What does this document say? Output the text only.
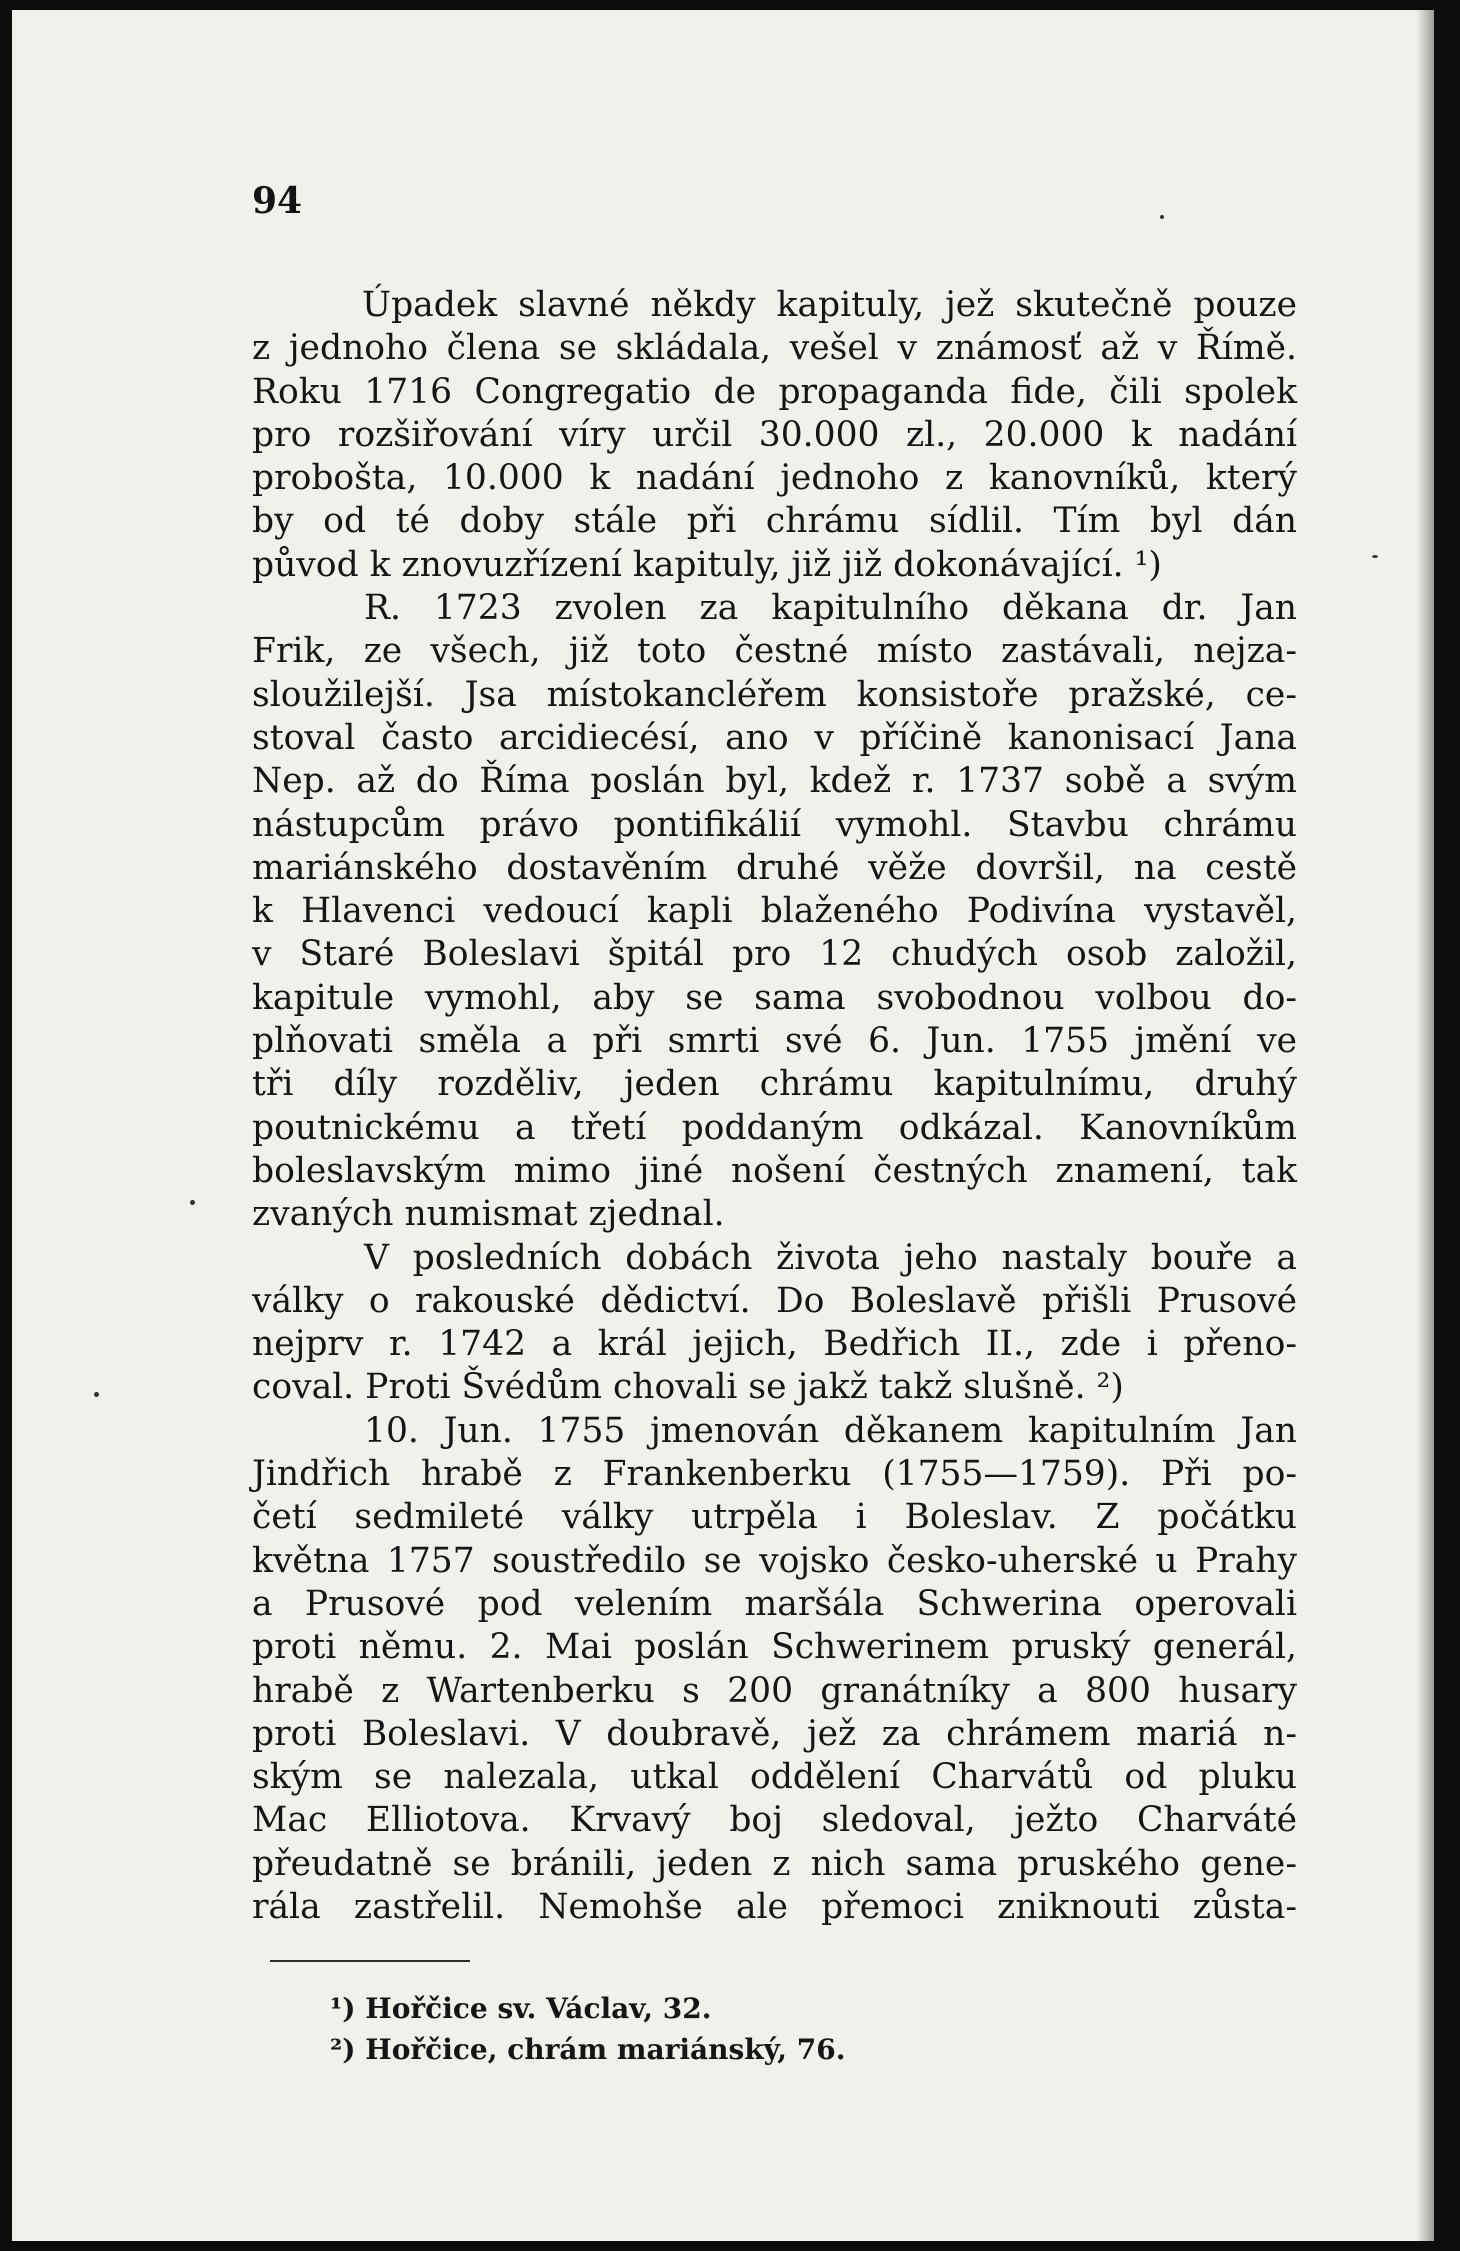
94
Úpadek slavné někdy kapituly, jež skutečně pouze
z jednoho člena se skládala, vešel v známosť až v Římě.
Roku 1716 Congregatio de propaganda fide, čili spolek
pro rozšiřování víry určil 30.000 zl., 20.000 k nadání
probošta, 10.000 k nadání jednoho z kanovníků, který
by od té doby stále při chrámu sídlil. Tím byl dán
původ k znovuzřízení kapituly, již již dokonávající. ¹)
R. 1723 zvolen za kapitulního děkana dr. Jan
Frik, ze všech, již toto čestné místo zastávali, nejza-
sloužilejší. Jsa místokancléřem konsistoře pražské, ce-
stoval často arcidiecésí, ano v příčině kanonisací Jana
Nep. až do Říma poslán byl, kdež r. 1737 sobě a svým
nástupcům právo pontifikálií vymohl. Stavbu chrámu
mariánského dostavěním druhé věže dovršil, na cestě
k Hlavenci vedoucí kapli blaženého Podivína vystavěl,
v Staré Boleslavi špitál pro 12 chudých osob založil,
kapitule vymohl, aby se sama svobodnou volbou do-
plňovati směla a při smrti své 6. Jun. 1755 jmění ve
tři díly rozděliv, jeden chrámu kapitulnímu, druhý
poutnickému a třetí poddaným odkázal. Kanovníkům
boleslavským mimo jiné nošení čestných znamení, tak
zvaných numismat zjednal.
V posledních dobách života jeho nastaly bouře a
války o rakouské dědictví. Do Boleslavě přišli Prusové
nejprv r. 1742 a král jejich, Bedřich II., zde i přeno-
coval. Proti Švédům chovali se jakž takž slušně. ²)
10. Jun. 1755 jmenován děkanem kapitulním Jan
Jindřich hrabě z Frankenberku (1755—1759). Při po-
četí sedmileté války utrpěla i Boleslav. Z počátku
května 1757 soustředilo se vojsko česko-uherské u Prahy
a Prusové pod velením maršála Schwerina operovali
proti němu. 2. Mai poslán Schwerinem pruský generál,
hrabě z Wartenberku s 200 granátníky a 800 husary
proti Boleslavi. V doubravě, jež za chrámem mariá n-
ským se nalezala, utkal oddělení Charvátů od pluku
Mac Elliotova. Krvavý boj sledoval, ježto Charváté
přeudatně se bránili, jeden z nich sama pruského gene-
rála zastřelil. Nemohše ale přemoci zniknouti zůsta-
¹) Hořčice sv. Václav, 32.
²) Hořčice, chrám mariánský, 76.
